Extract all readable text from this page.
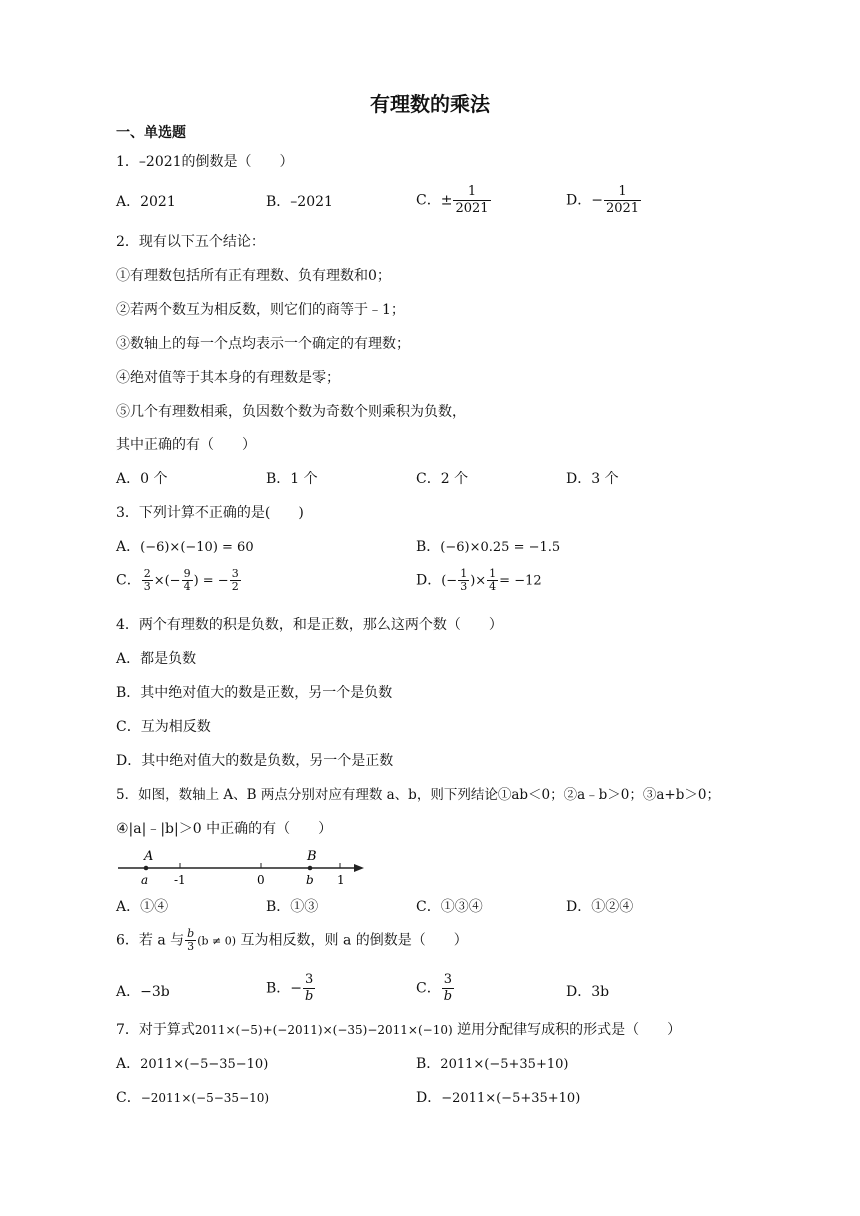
有理数的乘法
一、单选题
1．–2021的倒数是（　　）
A．2021	B．–2021	C．± $\frac{1}{2021}$	D．− $\frac{1}{2021}$
2．现有以下五个结论：
①有理数包括所有正有理数、负有理数和0；
②若两个数互为相反数，则它们的商等于﹣1；
③数轴上的每一个点均表示一个确定的有理数；
④绝对值等于其本身的有理数是零；
⑤几个有理数相乘，负因数个数为奇数个则乘积为负数，
其中正确的有（　　）
A．0 个	B．1 个	C．2 个	D．3 个
3．下列计算不正确的是(　　)
A．(−6)×(−10) = 60	B．(−6)×0.25 = −1.5
C． $\frac{2}{3}$ ×(− $\frac{9}{4}$ ) = − $\frac{3}{2}$	D．(− $\frac{1}{3}$ )× $\frac{1}{4} = -12$
4．两个有理数的积是负数，和是正数，那么这两个数（　　）
A．都是负数
B．其中绝对值大的数是正数，另一个是负数
C．互为相反数
D．其中绝对值大的数是负数，另一个是正数
5．如图，数轴上 A、B 两点分别对应有理数 a、b，则下列结论①ab＜0；②a﹣b＞0；③a+b＞0；
④|a|﹣|b|＞0 中正确的有（　　）
A	B
a -1	0	b 1
A．①④	B．①③	C．①③④	D．①②④
6．若 a 与 $\frac{b}{3} (b \ne 0)$ 互为相反数，则 a 的倒数是（　　）
A．−3b	B．− $\frac{3}{b}$	C． $\frac{3}{b}$	D．3b
7．对于算式2011×(−5)+(−2011)×(−35)−2011×(−10) 逆用分配律写成积的形式是（　　）
A．2011×(−5−35−10)	B．2011×(−5+35+10)
C．−2011×(−5−35−10)	D．−2011×(−5+35+10)
